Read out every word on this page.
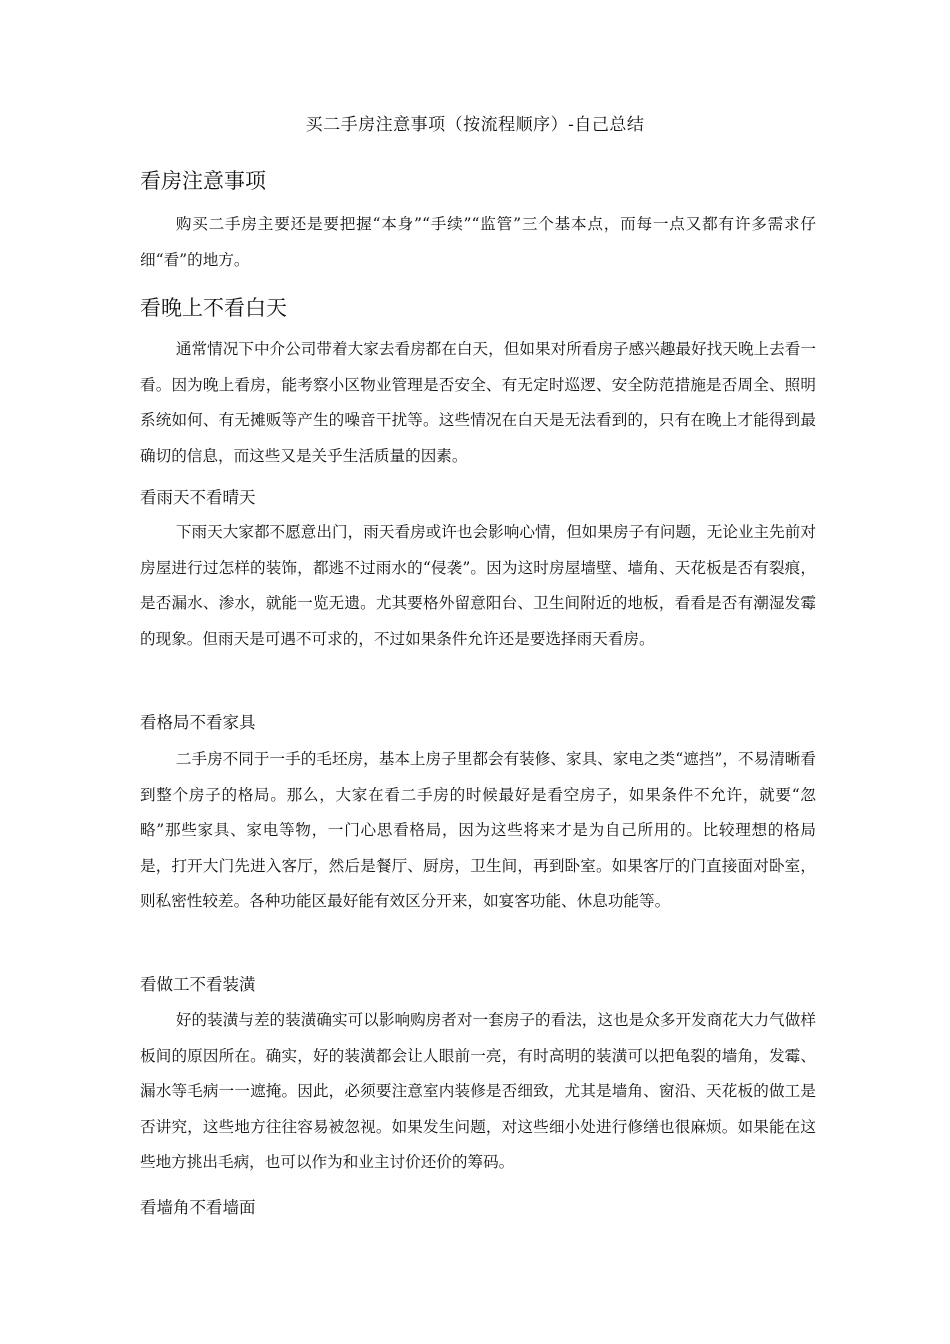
买二手房注意事项（按流程顺序）-自己总结
看房注意事项

购买二手房主要还是要把握“本身”“手续”“监管”三个基本点，而每一点又都有许多需求仔细“看”的地方。

看晚上不看白天

通常情况下中介公司带着大家去看房都在白天，但如果对所看房子感兴趣最好找天晚上去看一看。因为晚上看房，能考察小区物业管理是否安全、有无定时巡逻、安全防范措施是否周全、照明系统如何、有无摊贩等产生的噪音干扰等。这些情况在白天是无法看到的，只有在晚上才能得到最确切的信息，而这些又是关乎生活质量的因素。

看雨天不看晴天

下雨天大家都不愿意出门，雨天看房或许也会影响心情，但如果房子有问题，无论业主先前对房屋进行过怎样的装饰，都逃不过雨水的“侵袭”。因为这时房屋墙壁、墙角、天花板是否有裂痕，是否漏水、渗水，就能一览无遗。尤其要格外留意阳台、卫生间附近的地板，看看是否有潮湿发霉的现象。但雨天是可遇不可求的，不过如果条件允许还是要选择雨天看房。

看格局不看家具

二手房不同于一手的毛坯房，基本上房子里都会有装修、家具、家电之类“遮挡”，不易清晰看到整个房子的格局。那么，大家在看二手房的时候最好是看空房子，如果条件不允许，就要“忽略”那些家具、家电等物，一门心思看格局，因为这些将来才是为自己所用的。比较理想的格局是，打开大门先进入客厅，然后是餐厅、厨房，卫生间，再到卧室。如果客厅的门直接面对卧室，则私密性较差。各种功能区最好能有效区分开来，如宴客功能、休息功能等。

看做工不看装潢

好的装潢与差的装潢确实可以影响购房者对一套房子的看法，这也是众多开发商花大力气做样板间的原因所在。确实，好的装潢都会让人眼前一亮，有时高明的装潢可以把龟裂的墙角，发霉、漏水等毛病一一遮掩。因此，必须要注意室内装修是否细致，尤其是墙角、窗沿、天花板的做工是否讲究，这些地方往往容易被忽视。如果发生问题，对这些细小处进行修缮也很麻烦。如果能在这些地方挑出毛病，也可以作为和业主讨价还价的筹码。

看墙角不看墙面
